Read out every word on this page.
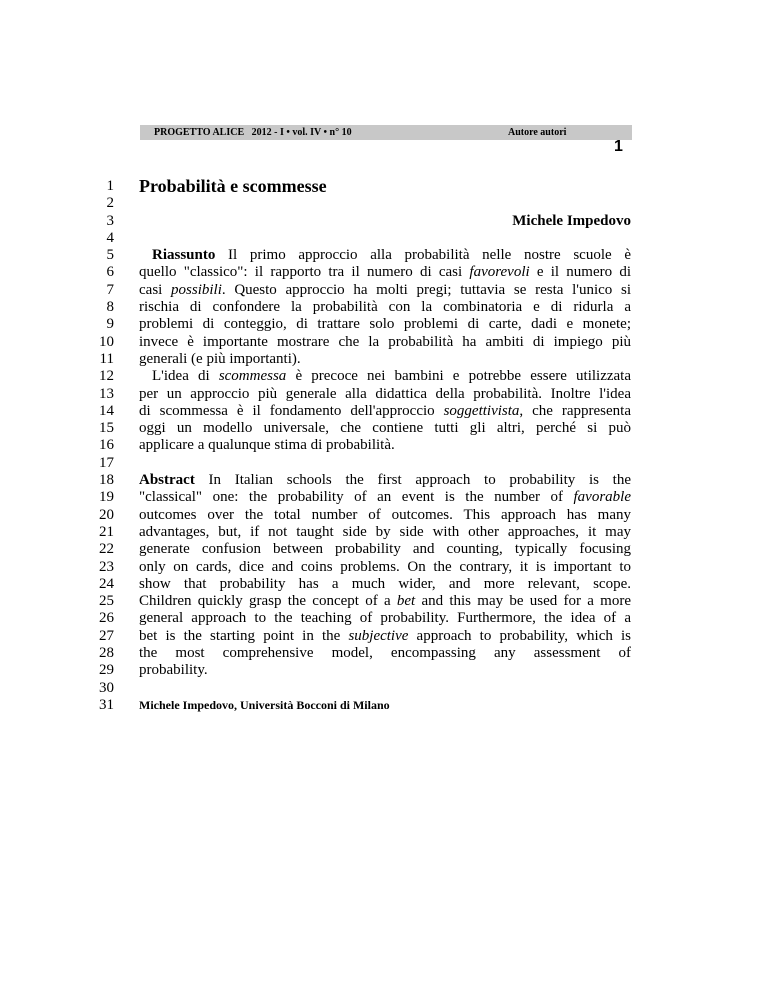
PROGETTO ALICE   2012 - I • vol. IV • n° 10	Autore autori
1
1
2
3
4
5
6
7
8
9
10
11
12
13
14
15
16
17
18
19
20
21
22
23
24
25
26
27
28
29
30
31
Probabilità e scommesse
Michele Impedovo
Riassunto Il primo approccio alla probabilità nelle nostre scuole è
quello "classico": il rapporto tra il numero di casi favorevoli e il numero di
casi possibili. Questo approccio ha molti pregi; tuttavia se resta l'unico si
rischia di confondere la probabilità con la combinatoria e di ridurla a
problemi di conteggio, di trattare solo problemi di carte, dadi e monete;
invece è importante mostrare che la probabilità ha ambiti di impiego più
generali (e più importanti).
L'idea di scommessa è precoce nei bambini e potrebbe essere utilizzata
per un approccio più generale alla didattica della probabilità. Inoltre l'idea
di scommessa è il fondamento dell'approccio soggettivista, che rappresenta
oggi un modello universale, che contiene tutti gli altri, perché si può
applicare a qualunque stima di probabilità.
Abstract In Italian schools the first approach to probability is the
"classical" one: the probability of an event is the number of favorable
outcomes over the total number of outcomes. This approach has many
advantages, but, if not taught side by side with other approaches, it may
generate confusion between probability and counting, typically focusing
only on cards, dice and coins problems. On the contrary, it is important to
show that probability has a much wider, and more relevant, scope.
Children quickly grasp the concept of a bet and this may be used for a more
general approach to the teaching of probability. Furthermore, the idea of a
bet is the starting point in the subjective approach to probability, which is
the most comprehensive model, encompassing any assessment of
probability.
Michele Impedovo, Università Bocconi di Milano
